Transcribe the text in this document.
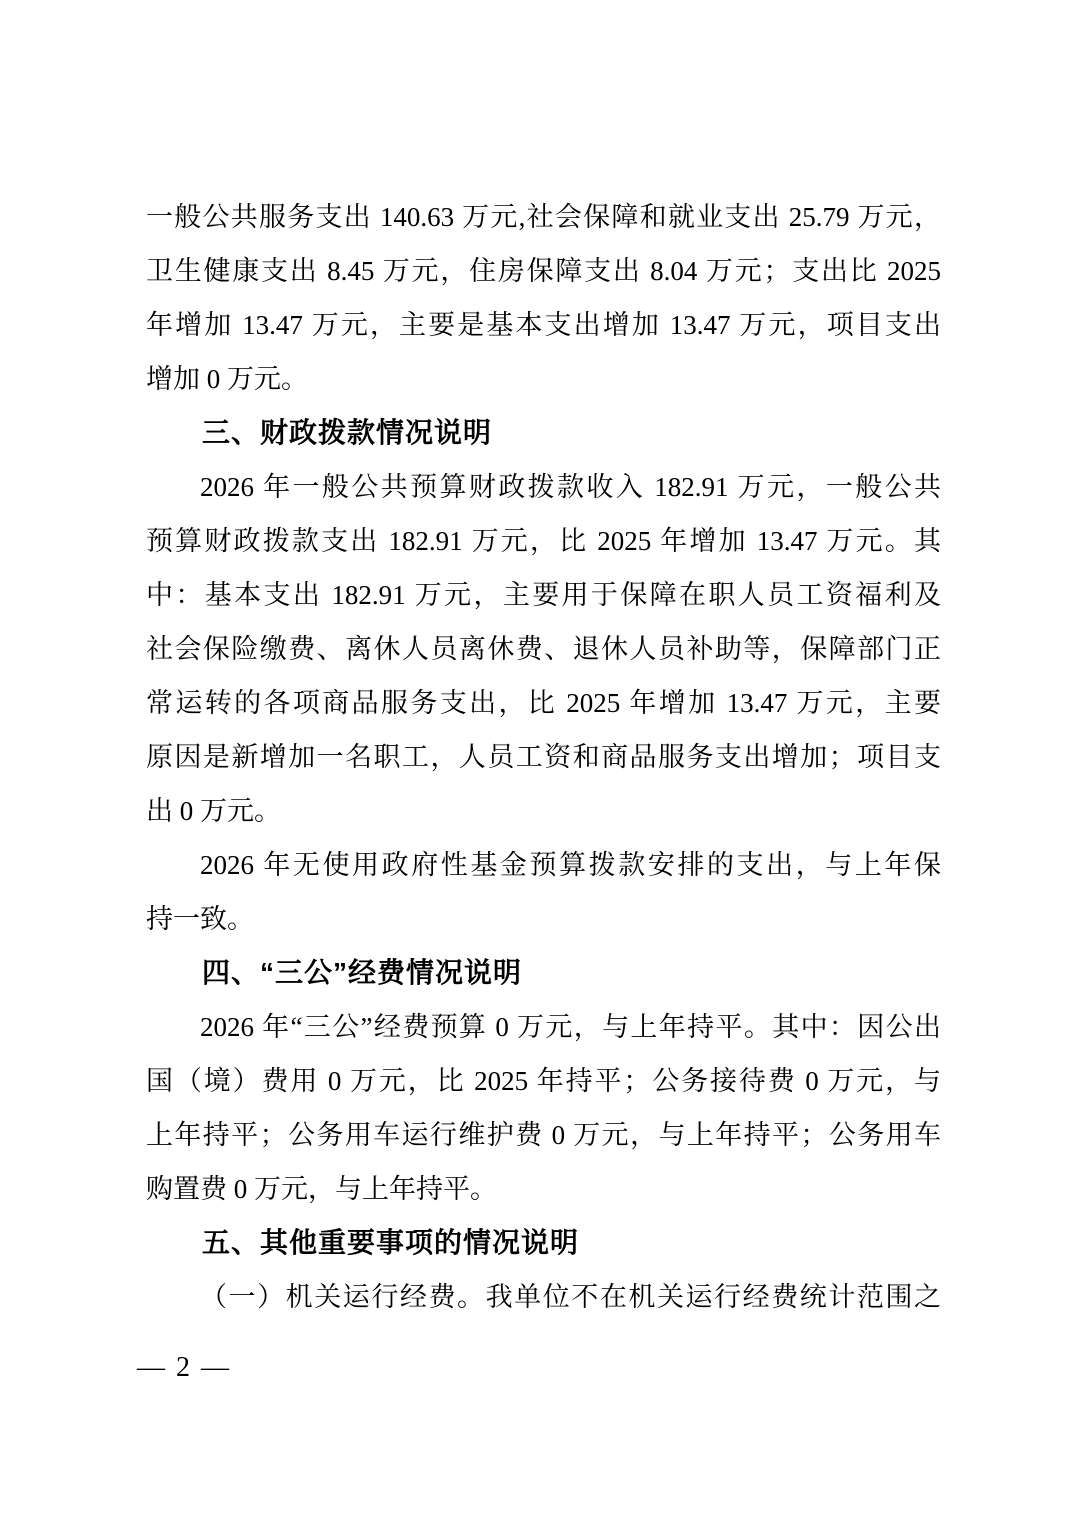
一般公共服务支出 140.63 万元,社会保障和就业支出 25.79 万元，
卫生健康支出 8.45 万元，住房保障支出 8.04 万元；支出比 2025
年增加 13.47 万元，主要是基本支出增加 13.47 万元，项目支出
增加 0 万元。
三、财政拨款情况说明
2026 年一般公共预算财政拨款收入 182.91 万元，一般公共
预算财政拨款支出 182.91 万元，比 2025 年增加 13.47 万元。其
中：基本支出 182.91 万元，主要用于保障在职人员工资福利及
社会保险缴费、离休人员离休费、退休人员补助等，保障部门正
常运转的各项商品服务支出，比 2025 年增加 13.47 万元，主要
原因是新增加一名职工，人员工资和商品服务支出增加；项目支
出 0 万元。
2026 年无使用政府性基金预算拨款安排的支出，与上年保
持一致。
四、“三公”经费情况说明
2026 年“三公”经费预算 0 万元，与上年持平。其中：因公出
国（境）费用 0 万元，比 2025 年持平；公务接待费 0 万元，与
上年持平；公务用车运行维护费 0 万元，与上年持平；公务用车
购置费 0 万元，与上年持平。
五、其他重要事项的情况说明
（一）机关运行经费。我单位不在机关运行经费统计范围之
— 2 —
